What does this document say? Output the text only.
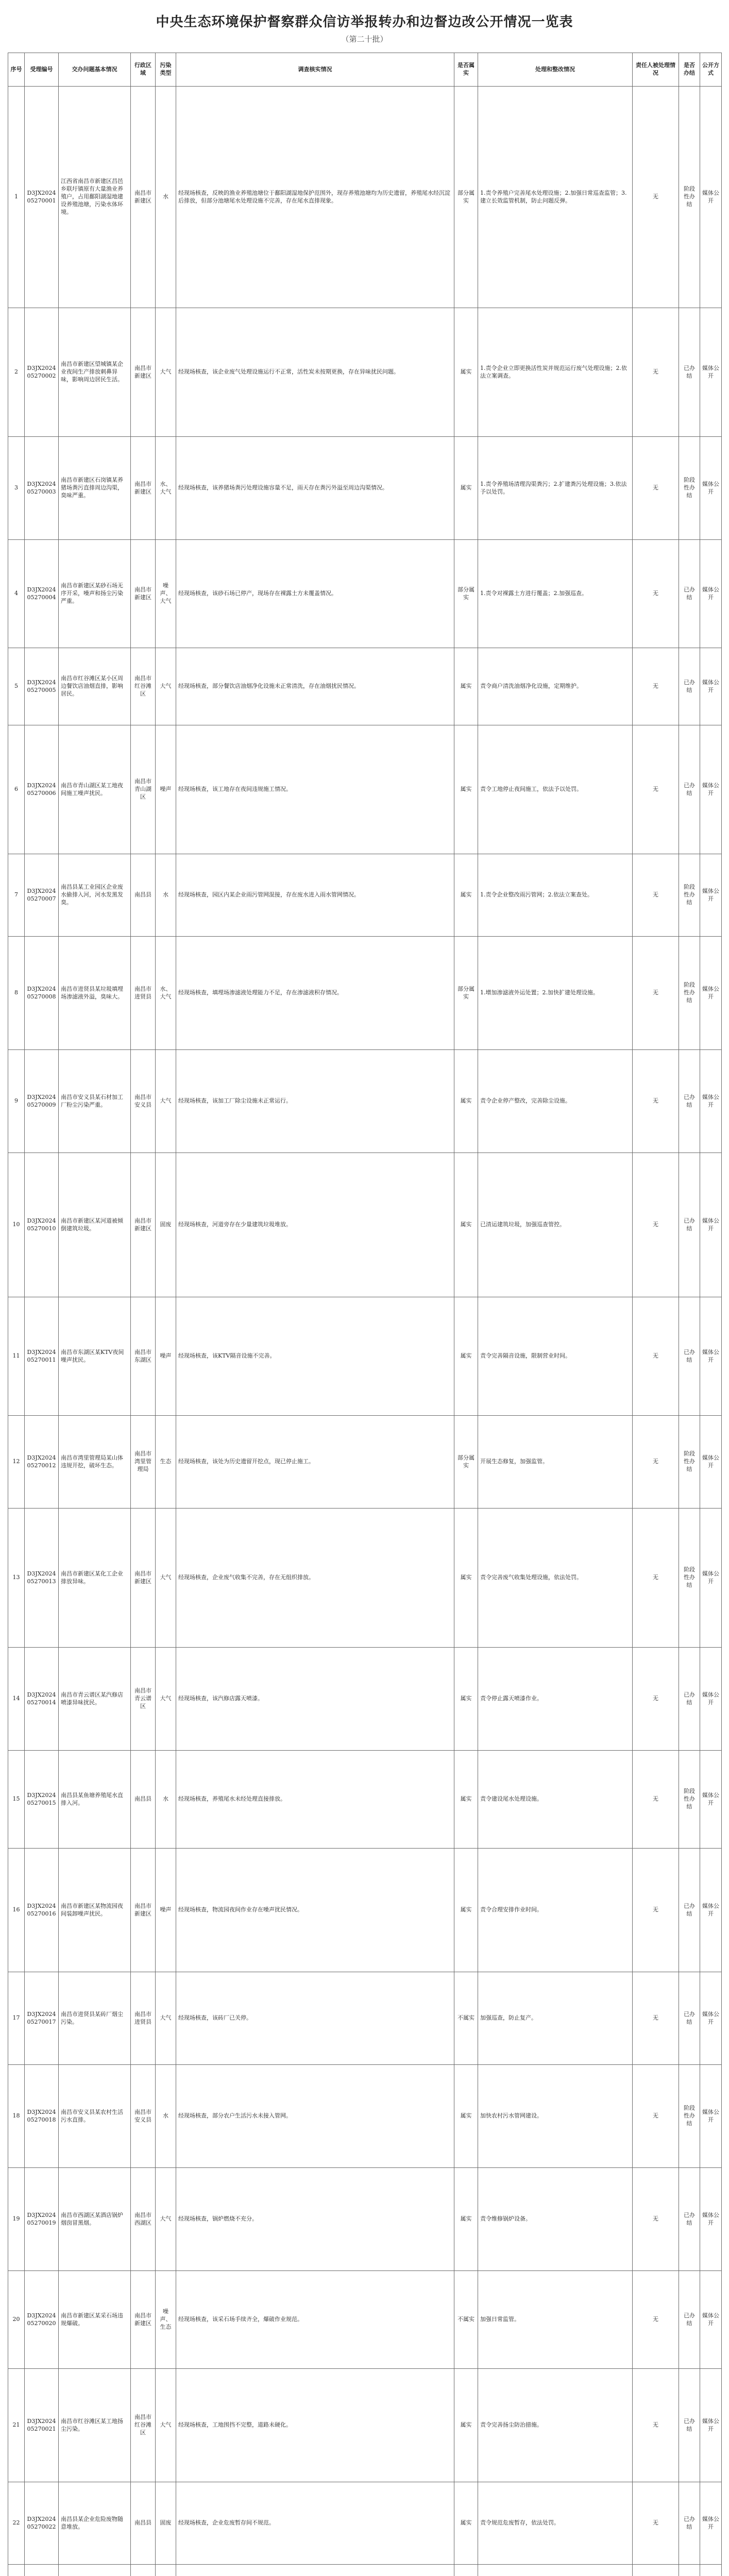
中央生态环境保护督察群众信访举报转办和边督边改公开情况一览表
（第二十批）
序号	受理编号	交办问题基本情况	行政区域	污染类型	调查核实情况	是否属实	处理和整改情况	责任人被处理情况	是否办结	公开方式
1	D3JX202405270001	江西省南昌市新建区昌邑乡联圩镇原有大量渔业养殖户，占用鄱阳湖湿地建设养殖池塘，污染水体环境。	南昌市新建区	水	经现场核查，反映的渔业养殖池塘位于鄱阳湖湿地保护范围外，现存养殖池塘均为历史遗留，养殖尾水经沉淀后排放，但部分池塘尾水处理设施不完善，存在尾水直排现象。	部分属实	1.责令养殖户完善尾水处理设施；2.加强日常巡查监管；3.建立长效监管机制，防止问题反弹。	无	阶段性办结	媒体公开
2	D3JX202405270002	南昌市新建区望城镇某企业夜间生产排放刺鼻异味，影响周边居民生活。	南昌市新建区	大气	经现场核查，该企业废气处理设施运行不正常，活性炭未按期更换，存在异味扰民问题。	属实	1.责令企业立即更换活性炭并规范运行废气处理设施；2.依法立案调查。	无	已办结	媒体公开
3	D3JX202405270003	南昌市新建区石岗镇某养猪场粪污直排周边沟渠，臭味严重。	南昌市新建区	水、大气	经现场核查，该养猪场粪污处理设施容量不足，雨天存在粪污外溢至周边沟渠情况。	属实	1.责令养殖场清理沟渠粪污；2.扩建粪污处理设施；3.依法予以处罚。	无	阶段性办结	媒体公开
4	D3JX202405270004	南昌市新建区某砂石场无序开采，噪声和扬尘污染严重。	南昌市新建区	噪声、大气	经现场核查，该砂石场已停产，现场存在裸露土方未覆盖情况。	部分属实	1.责令对裸露土方进行覆盖；2.加强巡查。	无	已办结	媒体公开
5	D3JX202405270005	南昌市红谷滩区某小区周边餐饮店油烟直排，影响居民。	南昌市红谷滩区	大气	经现场核查，部分餐饮店油烟净化设施未正常清洗，存在油烟扰民情况。	属实	责令商户清洗油烟净化设施，定期维护。	无	已办结	媒体公开
6	D3JX202405270006	南昌市青山湖区某工地夜间施工噪声扰民。	南昌市青山湖区	噪声	经现场核查，该工地存在夜间违规施工情况。	属实	责令工地停止夜间施工，依法予以处罚。	无	已办结	媒体公开
7	D3JX202405270007	南昌县某工业园区企业废水偷排入河，河水发黑发臭。	南昌县	水	经现场核查，园区内某企业雨污管网混接，存在废水进入雨水管网情况。	属实	1.责令企业整改雨污管网；2.依法立案查处。	无	阶段性办结	媒体公开
8	D3JX202405270008	南昌市进贤县某垃圾填埋场渗滤液外溢，臭味大。	南昌市进贤县	水、大气	经现场核查，填埋场渗滤液处理能力不足，存在渗滤液积存情况。	部分属实	1.增加渗滤液外运处置；2.加快扩建处理设施。	无	阶段性办结	媒体公开
9	D3JX202405270009	南昌市安义县某石材加工厂粉尘污染严重。	南昌市安义县	大气	经现场核查，该加工厂除尘设施未正常运行。	属实	责令企业停产整改，完善除尘设施。	无	已办结	媒体公开
10	D3JX202405270010	南昌市新建区某河道被倾倒建筑垃圾。	南昌市新建区	固废	经现场核查，河道旁存在少量建筑垃圾堆放。	属实	已清运建筑垃圾，加强巡查管控。	无	已办结	媒体公开
11	D3JX202405270011	南昌市东湖区某KTV夜间噪声扰民。	南昌市东湖区	噪声	经现场核查，该KTV隔音设施不完善。	属实	责令完善隔音设施，限制营业时间。	无	已办结	媒体公开
12	D3JX202405270012	南昌市湾里管理局某山体违规开挖，破坏生态。	南昌市湾里管理局	生态	经现场核查，该处为历史遗留开挖点，现已停止施工。	部分属实	开展生态修复，加强监管。	无	阶段性办结	媒体公开
13	D3JX202405270013	南昌市新建区某化工企业排放异味。	南昌市新建区	大气	经现场核查，企业废气收集不完善，存在无组织排放。	属实	责令完善废气收集处理设施，依法处罚。	无	阶段性办结	媒体公开
14	D3JX202405270014	南昌市青云谱区某汽修店喷漆异味扰民。	南昌市青云谱区	大气	经现场核查，该汽修店露天喷漆。	属实	责令停止露天喷漆作业。	无	已办结	媒体公开
15	D3JX202405270015	南昌县某鱼塘养殖尾水直排入河。	南昌县	水	经现场核查，养殖尾水未经处理直接排放。	属实	责令建设尾水处理设施。	无	阶段性办结	媒体公开
16	D3JX202405270016	南昌市新建区某物流园夜间装卸噪声扰民。	南昌市新建区	噪声	经现场核查，物流园夜间作业存在噪声扰民情况。	属实	责令合理安排作业时间。	无	已办结	媒体公开
17	D3JX202405270017	南昌市进贤县某砖厂烟尘污染。	南昌市进贤县	大气	经现场核查，该砖厂已关停。	不属实	加强巡查，防止复产。	无	已办结	媒体公开
18	D3JX202405270018	南昌市安义县某农村生活污水直排。	南昌市安义县	水	经现场核查，部分农户生活污水未接入管网。	属实	加快农村污水管网建设。	无	阶段性办结	媒体公开
19	D3JX202405270019	南昌市西湖区某酒店锅炉烟囱冒黑烟。	南昌市西湖区	大气	经现场核查，锅炉燃烧不充分。	属实	责令维修锅炉设备。	无	已办结	媒体公开
20	D3JX202405270020	南昌市新建区某采石场违规爆破。	南昌市新建区	噪声、生态	经现场核查，该采石场手续齐全，爆破作业规范。	不属实	加强日常监管。	无	已办结	媒体公开
21	D3JX202405270021	南昌市红谷滩区某工地扬尘污染。	南昌市红谷滩区	大气	经现场核查，工地围挡不完整，道路未硬化。	属实	责令完善扬尘防治措施。	无	已办结	媒体公开
22	D3JX202405270022	南昌县某企业危险废物随意堆放。	南昌县	固废	经现场核查，企业危废暂存间不规范。	属实	责令规范危废暂存，依法处罚。	无	已办结	媒体公开
